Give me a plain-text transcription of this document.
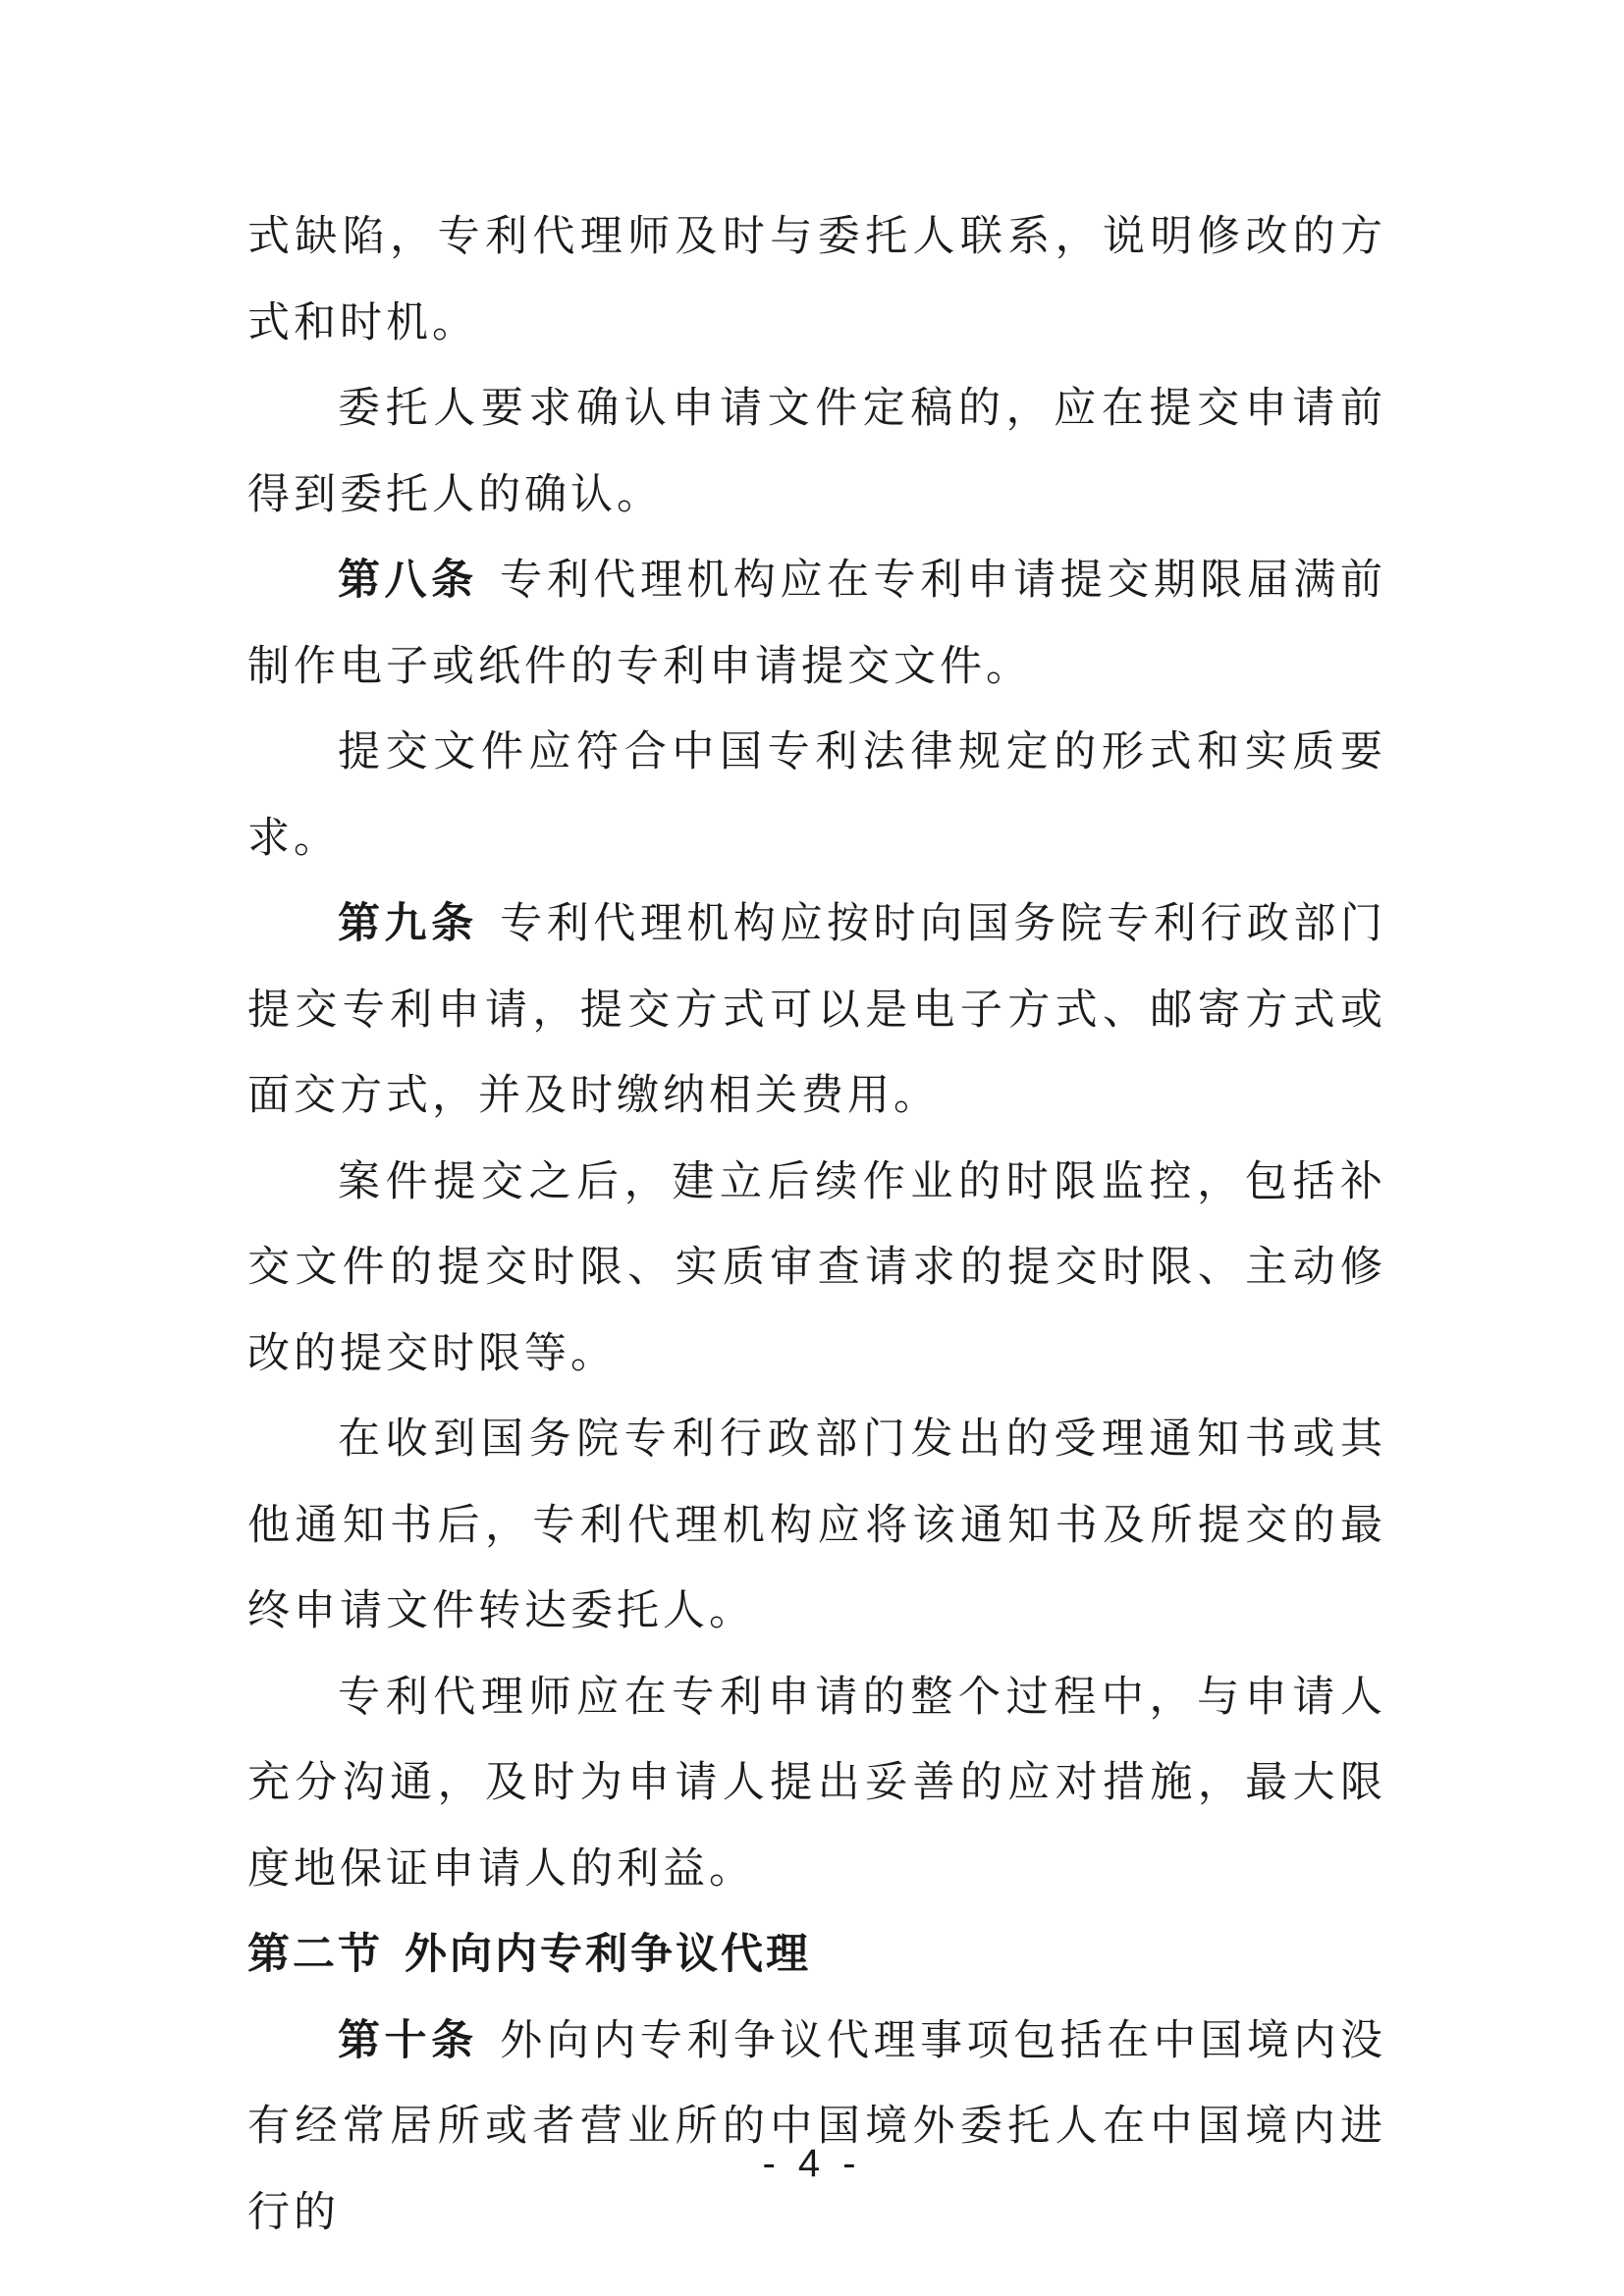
式缺陷，专利代理师及时与委托人联系，说明修改的方式和时机。

委托人要求确认申请文件定稿的，应在提交申请前得到委托人的确认。

第八条 专利代理机构应在专利申请提交期限届满前制作电子或纸件的专利申请提交文件。

提交文件应符合中国专利法律规定的形式和实质要求。

第九条 专利代理机构应按时向国务院专利行政部门提交专利申请，提交方式可以是电子方式、邮寄方式或面交方式，并及时缴纳相关费用。

案件提交之后，建立后续作业的时限监控，包括补交文件的提交时限、实质审查请求的提交时限、主动修改的提交时限等。

在收到国务院专利行政部门发出的受理通知书或其他通知书后，专利代理机构应将该通知书及所提交的最终申请文件转达委托人。

专利代理师应在专利申请的整个过程中，与申请人充分沟通，及时为申请人提出妥善的应对措施，最大限度地保证申请人的利益。

第二节 外向内专利争议代理

第十条 外向内专利争议代理事项包括在中国境内没有经常居所或者营业所的中国境外委托人在中国境内进行的

- 4 -
